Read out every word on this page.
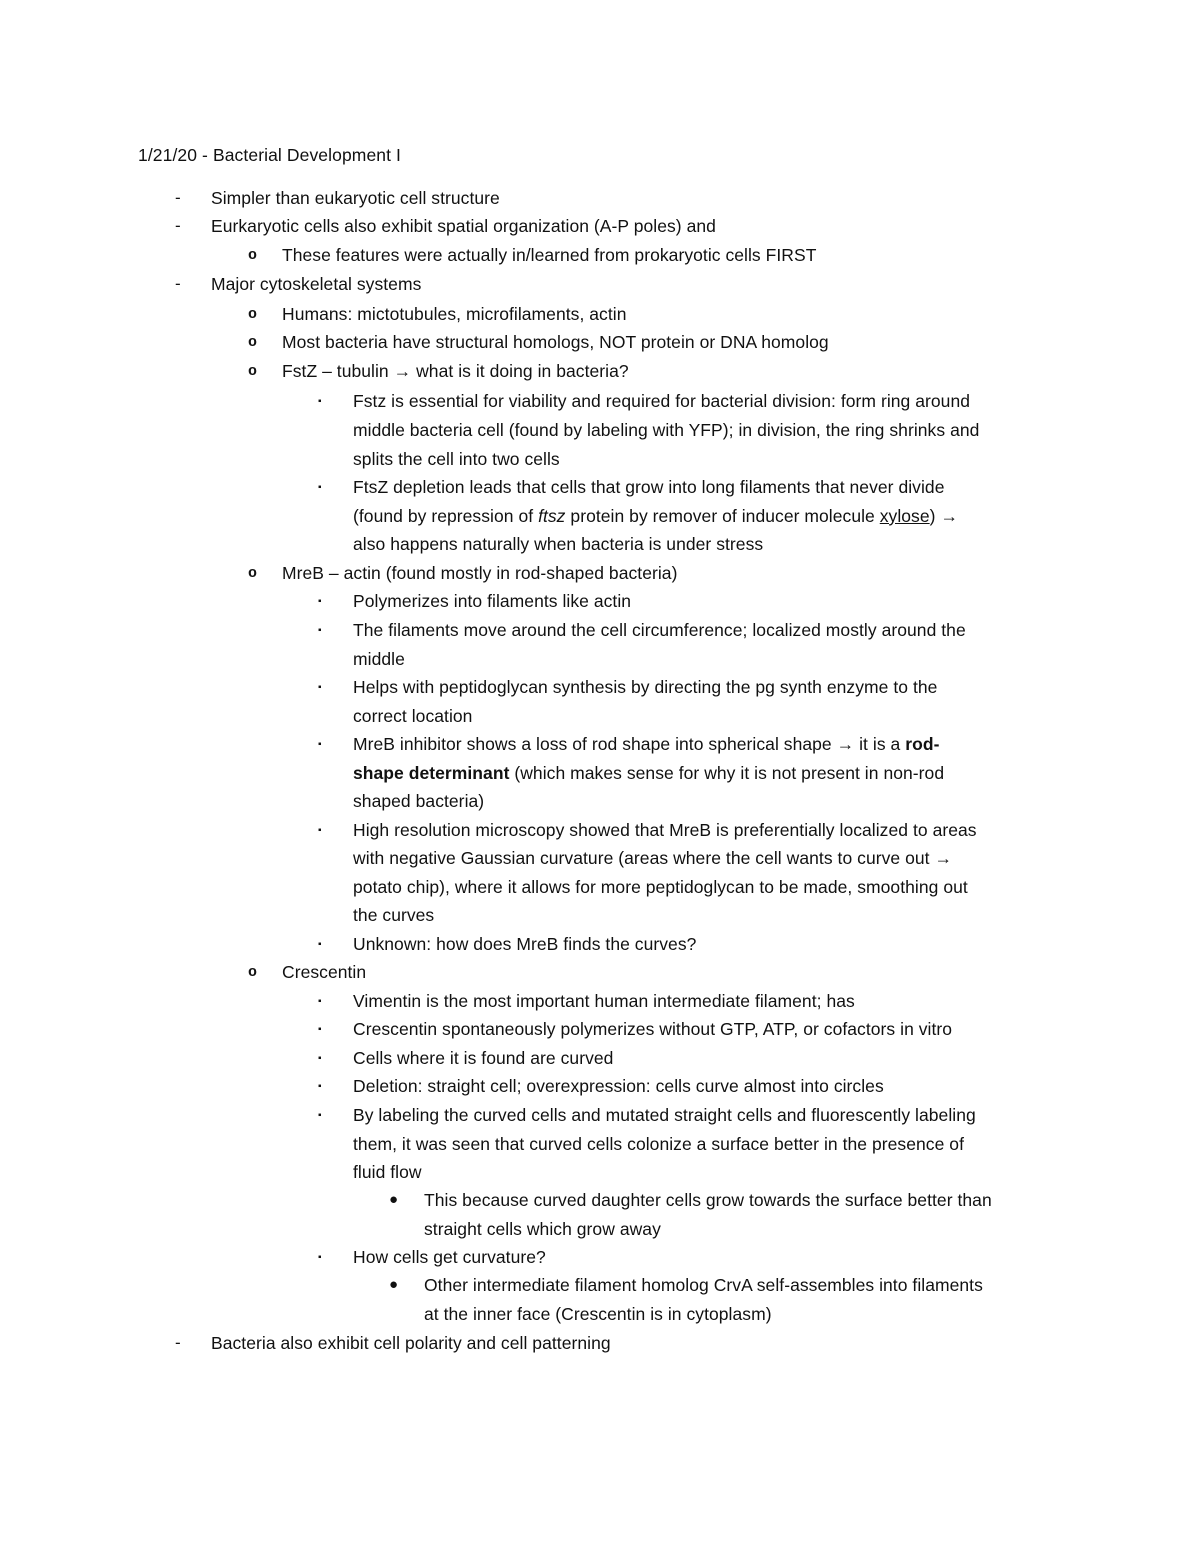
1/21/20 - Bacterial Development I
- Simpler than eukaryotic cell structure
- Eurkaryotic cells also exhibit spatial organization (A-P poles) and
o These features were actually in/learned from prokaryotic cells FIRST
- Major cytoskeletal systems
o Humans: mictotubules, microfilaments, actin
o Most bacteria have structural homologs, NOT protein or DNA homolog
o FstZ – tubulin → what is it doing in bacteria?
▪ Fstz is essential for viability and required for bacterial division: form ring around
middle bacteria cell (found by labeling with YFP); in division, the ring shrinks and
splits the cell into two cells
▪ FtsZ depletion leads that cells that grow into long filaments that never divide
(found by repression of ftsz protein by remover of inducer molecule xylose) →
also happens naturally when bacteria is under stress
o MreB – actin (found mostly in rod-shaped bacteria)
▪ Polymerizes into filaments like actin
▪ The filaments move around the cell circumference; localized mostly around the
middle
▪ Helps with peptidoglycan synthesis by directing the pg synth enzyme to the
correct location
▪ MreB inhibitor shows a loss of rod shape into spherical shape → it is a rod-
shape determinant (which makes sense for why it is not present in non-rod
shaped bacteria)
▪ High resolution microscopy showed that MreB is preferentially localized to areas
with negative Gaussian curvature (areas where the cell wants to curve out →
potato chip), where it allows for more peptidoglycan to be made, smoothing out
the curves
▪ Unknown: how does MreB finds the curves?
o Crescentin
▪ Vimentin is the most important human intermediate filament; has
▪ Crescentin spontaneously polymerizes without GTP, ATP, or cofactors in vitro
▪ Cells where it is found are curved
▪ Deletion: straight cell; overexpression: cells curve almost into circles
▪ By labeling the curved cells and mutated straight cells and fluorescently labeling
them, it was seen that curved cells colonize a surface better in the presence of
fluid flow
● This because curved daughter cells grow towards the surface better than
straight cells which grow away
▪ How cells get curvature?
● Other intermediate filament homolog CrvA self-assembles into filaments
at the inner face (Crescentin is in cytoplasm)
- Bacteria also exhibit cell polarity and cell patterning
